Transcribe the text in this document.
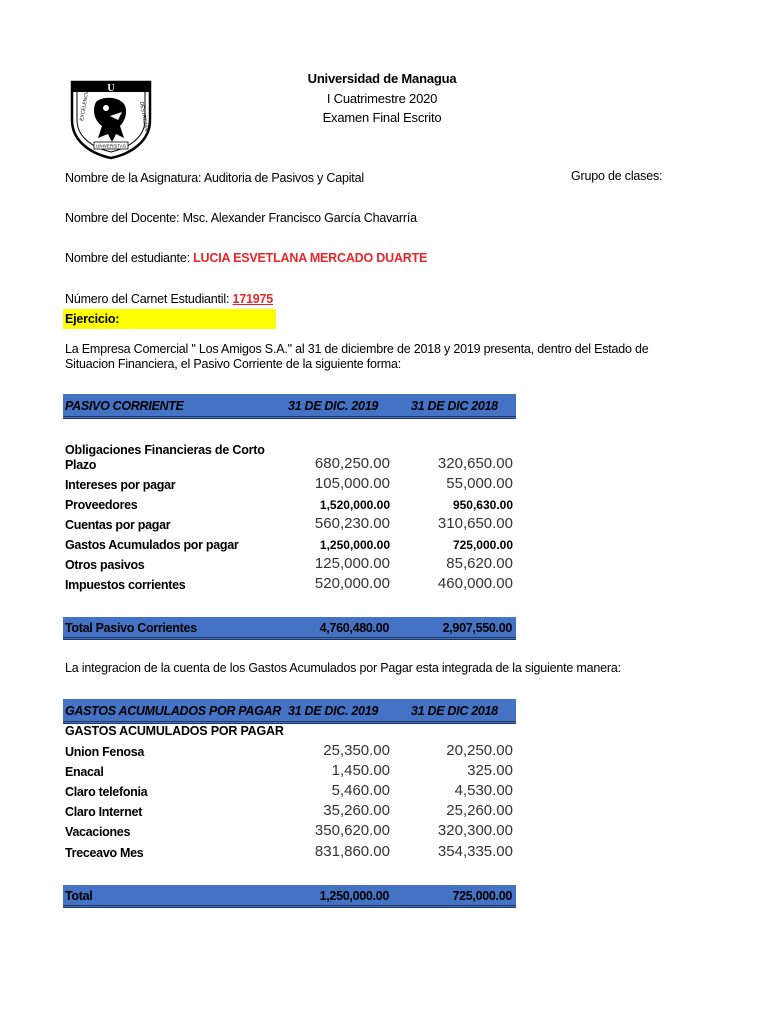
U
EXCELENCIA	DESTREZAS
UNIVERSITAS
Universidad de Managua
I Cuatrimestre 2020
Examen Final Escrito
Nombre de la Asignatura: Auditoria de Pasivos y Capital	Grupo de clases:
Nombre del Docente: Msc. Alexander Francisco García Chavarría
Nombre del estudiante: LUCIA ESVETLANA MERCADO DUARTE
Número del Carnet Estudiantil: 171975
Ejercicio:
La Empresa Comercial " Los Amigos S.A." al 31 de diciembre de 2018 y 2019 presenta, dentro del Estado de
Situacion Financiera, el Pasivo Corriente de la siguiente forma:
PASIVO CORRIENTE	31 DE DIC. 2019	31 DE DIC 2018
Obligaciones Financieras de Corto
Plazo	680,250.00	320,650.00
Intereses por pagar	105,000.00	55,000.00
Proveedores	1,520,000.00	950,630.00
Cuentas por pagar	560,230.00	310,650.00
Gastos Acumulados por pagar	1,250,000.00	725,000.00
Otros pasivos	125,000.00	85,620.00
Impuestos corrientes	520,000.00	460,000.00
Total Pasivo Corrientes	4,760,480.00	2,907,550.00
La integracion de la cuenta de los Gastos Acumulados por Pagar esta integrada de la siguiente manera:
GASTOS ACUMULADOS POR PAGAR 31 DE DIC. 2019	31 DE DIC 2018
GASTOS ACUMULADOS POR PAGAR
Union Fenosa	25,350.00	20,250.00
Enacal	1,450.00	325.00
Claro telefonia	5,460.00	4,530.00
Claro Internet	35,260.00	25,260.00
Vacaciones	350,620.00	320,300.00
Treceavo Mes	831,860.00	354,335.00
Total	1,250,000.00	725,000.00
